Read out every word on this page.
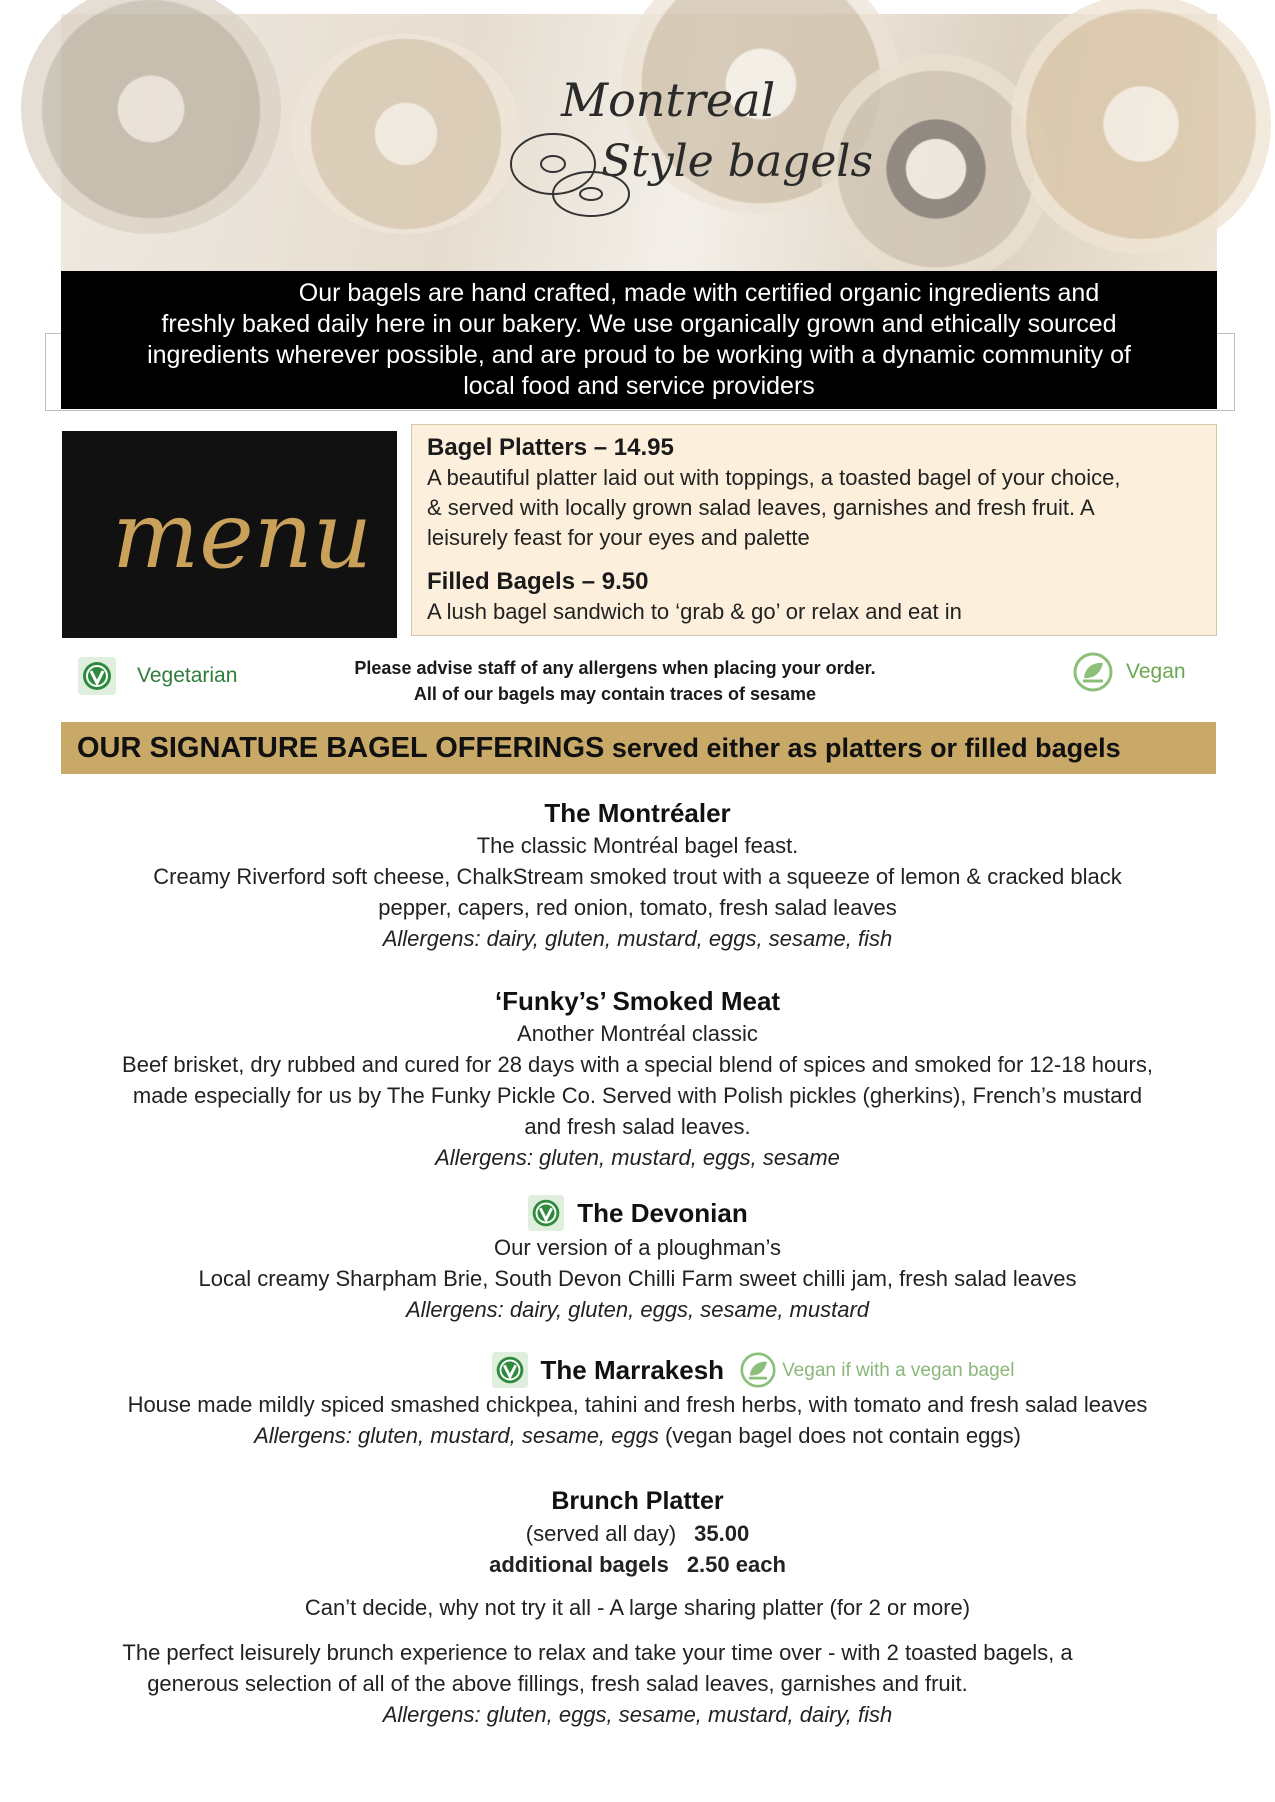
Montreal
Style bagels
Our bagels are hand crafted, made with certified organic ingredients and
freshly baked daily here in our bakery. We use organically grown and ethically sourced
ingredients wherever possible, and are proud to be working with a dynamic community of
local food and service providers
menu
Bagel Platters – 14.95
A beautiful platter laid out with toppings, a toasted bagel of your choice,
& served with locally grown salad leaves, garnishes and fresh fruit. A
leisurely feast for your eyes and palette
Filled Bagels – 9.50
A lush bagel sandwich to ‘grab & go’ or relax and eat in
Vegetarian	Please advise staff of any allergens when placing your order.
All of our bagels may contain traces of sesame
Vegan
OUR SIGNATURE BAGEL OFFERINGS served either as platters or filled bagels
The Montréaler
The classic Montréal bagel feast.
Creamy Riverford soft cheese, ChalkStream smoked trout with a squeeze of lemon & cracked black
pepper, capers, red onion, tomato, fresh salad leaves
Allergens: dairy, gluten, mustard, eggs, sesame, fish
‘Funky’s’ Smoked Meat
Another Montréal classic
Beef brisket, dry rubbed and cured for 28 days with a special blend of spices and smoked for 12-18 hours,
made especially for us by The Funky Pickle Co. Served with Polish pickles (gherkins), French’s mustard
and fresh salad leaves.
Allergens: gluten, mustard, eggs, sesame
The Devonian
Our version of a ploughman’s
Local creamy Sharpham Brie, South Devon Chilli Farm sweet chilli jam, fresh salad leaves
Allergens: dairy, gluten, eggs, sesame, mustard
The Marrakesh	Vegan if with a vegan bagel
House made mildly spiced smashed chickpea, tahini and fresh herbs, with tomato and fresh salad leaves
Allergens: gluten, mustard, sesame, eggs (vegan bagel does not contain eggs)
Brunch Platter
(served all day) 35.00
additional bagels 2.50 each
Can’t decide, why not try it all - A large sharing platter (for 2 or more)
The perfect leisurely brunch experience to relax and take your time over - with 2 toasted bagels, a
generous selection of all of the above fillings, fresh salad leaves, garnishes and fruit.
Allergens: gluten, eggs, sesame, mustard, dairy, fish
